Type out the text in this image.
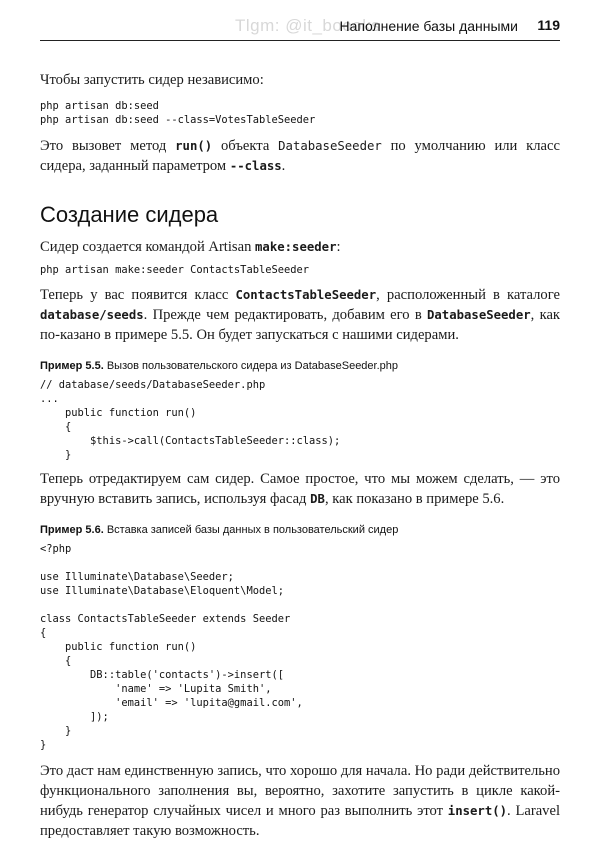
Tlgm: @it_boooks
Наполнение базы данными 119

Чтобы запустить сидер независимо:

php artisan db:seed
php artisan db:seed --class=VotesTableSeeder

Это вызовет метод run() объекта DatabaseSeeder по умолчанию или класс сидера, заданный параметром --class.

Создание сидера

Сидер создается командой Artisan make:seeder:

php artisan make:seeder ContactsTableSeeder

Теперь у вас появится класс ContactsTableSeeder, расположенный в каталоге database/seeds. Прежде чем редактировать, добавим его в DatabaseSeeder, как по-казано в примере 5.5. Он будет запускаться с нашими сидерами.

Пример 5.5. Вызов пользовательского сидера из DatabaseSeeder.php

// database/seeds/DatabaseSeeder.php
...
public function run()
{
$this->call(ContactsTableSeeder::class);
}

Теперь отредактируем сам сидер. Самое простое, что мы можем сделать, — это вручную вставить запись, используя фасад DB, как показано в примере 5.6.

Пример 5.6. Вставка записей базы данных в пользовательский сидер

<?php

use Illuminate\Database\Seeder;
use Illuminate\Database\Eloquent\Model;

class ContactsTableSeeder extends Seeder
{
public function run()
{
DB::table('contacts')->insert([
'name' => 'Lupita Smith',
'email' => 'lupita@gmail.com',
]);
}
}

Это даст нам единственную запись, что хорошо для начала. Но ради действительно функционального заполнения вы, вероятно, захотите запустить в цикле какой-нибудь генератор случайных чисел и много раз выполнить этот insert(). Laravel предоставляет такую возможность.
